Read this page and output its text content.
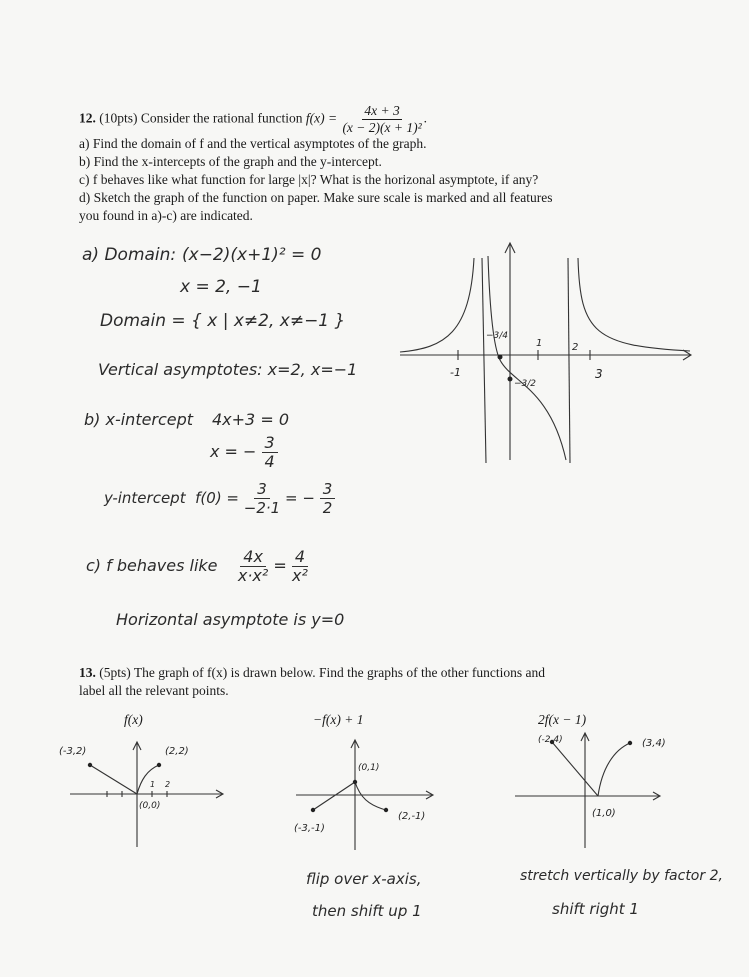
12. (10pts) Consider the rational function $f(x) = \frac{4x + 3}{\text{(x − 2)(x + 1)²}}$ .
a) Find the domain of f and the vertical asymptotes of the graph.
b) Find the x-intercepts of the graph and the y-intercept.
c) f behaves like what function for large |x|? What is the horizonal asymptote, if any?
d) Sketch the graph of the function on paper. Make sure scale is marked and all features
you found in a)-c) are indicated.
a) Domain: (x−2)(x+1)² = 0
x = 2, −1
Domain = { x | x≠2, x≠−1 }
Vertical asymptotes: x=2, x=−1
b) x-intercept 4x+3 = 0
x = − $\frac{3}{4}$
y-intercept $f(0) = \frac{3}{-2\cdot 1}$ = − $\frac{3}{2}$
c) f behaves like $\frac{4x}{\text{x·x²}} = \frac{4}{\text{x²}}$
Horizontal asymptote is y=0
-1
1	2
3
−3/4
−3/2
13. (5pts) The graph of f(x) is drawn below. Find the graphs of the other functions and
label all the relevant points.
f(x)	−f(x) + 1	2f(x − 1)
(-3,2)	(2,2)
(0,0)
1 2
(0,1)
(2,-1)
(-3,-1)
flip over x-axis,
then shift up 1
(-2,4)	(3,4)
(1,0)
stretch vertically by factor 2,
shift right 1
